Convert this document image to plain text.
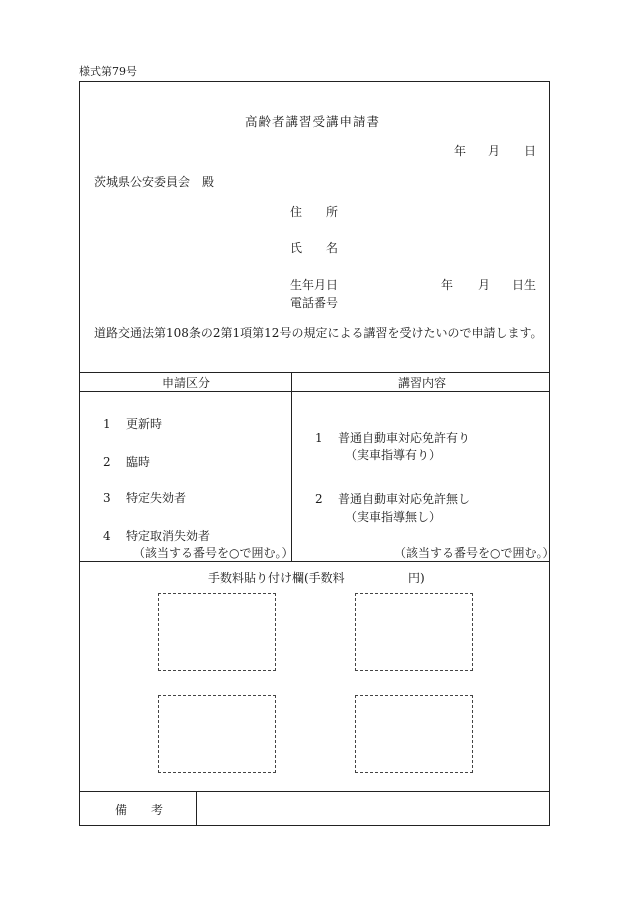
様式第79号
高齢者講習受講申請書
年 月 日
茨城県公安委員会　殿
住　　所
氏　　名
生年月日	年 月 日生
電話番号
道路交通法第108条の2第1項第12号の規定による講習を受けたいので申請します。
申請区分	講習内容
1 更新時
2 臨時
3 特定失効者
4 特定取消失効者
（該当する番号を○で囲む。）
1 普通自動車対応免許有り
（実車指導有り）
2 普通自動車対応免許無し
（実車指導無し）
（該当する番号を○で囲む。）
手数料貼り付け欄(手数料	円)
備　　考
